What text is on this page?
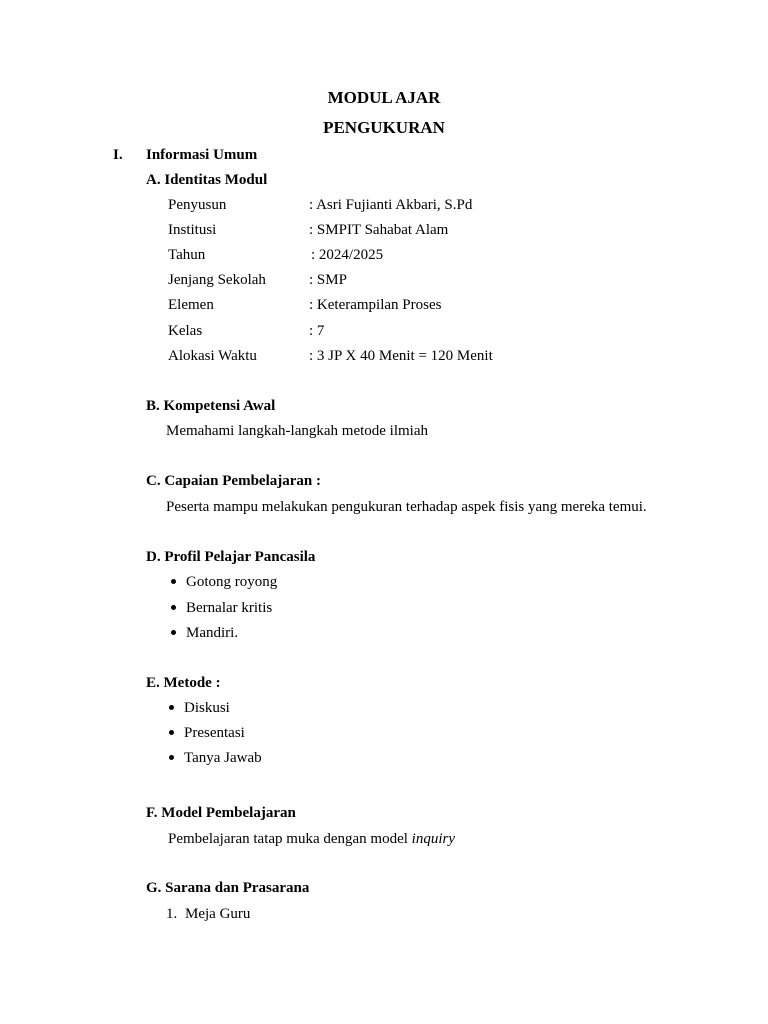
MODUL AJAR
PENGUKURAN
I. Informasi Umum
A. Identitas Modul
Penyusun	: Asri Fujianti Akbari, S.Pd
Institusi	: SMPIT Sahabat Alam
Tahun	: 2024/2025
Jenjang Sekolah	: SMP
Elemen	: Keterampilan Proses
Kelas	: 7
Alokasi Waktu	: 3 JP X 40 Menit = 120 Menit
B. Kompetensi Awal
Memahami langkah-langkah metode ilmiah
C. Capaian Pembelajaran :
Peserta mampu melakukan pengukuran terhadap aspek fisis yang mereka temui.
D. Profil Pelajar Pancasila
Gotong royong
Bernalar kritis
Mandiri.
E. Metode :
Diskusi
Presentasi
Tanya Jawab
F. Model Pembelajaran
Pembelajaran tatap muka dengan model inquiry
G. Sarana dan Prasarana
1. Meja Guru
